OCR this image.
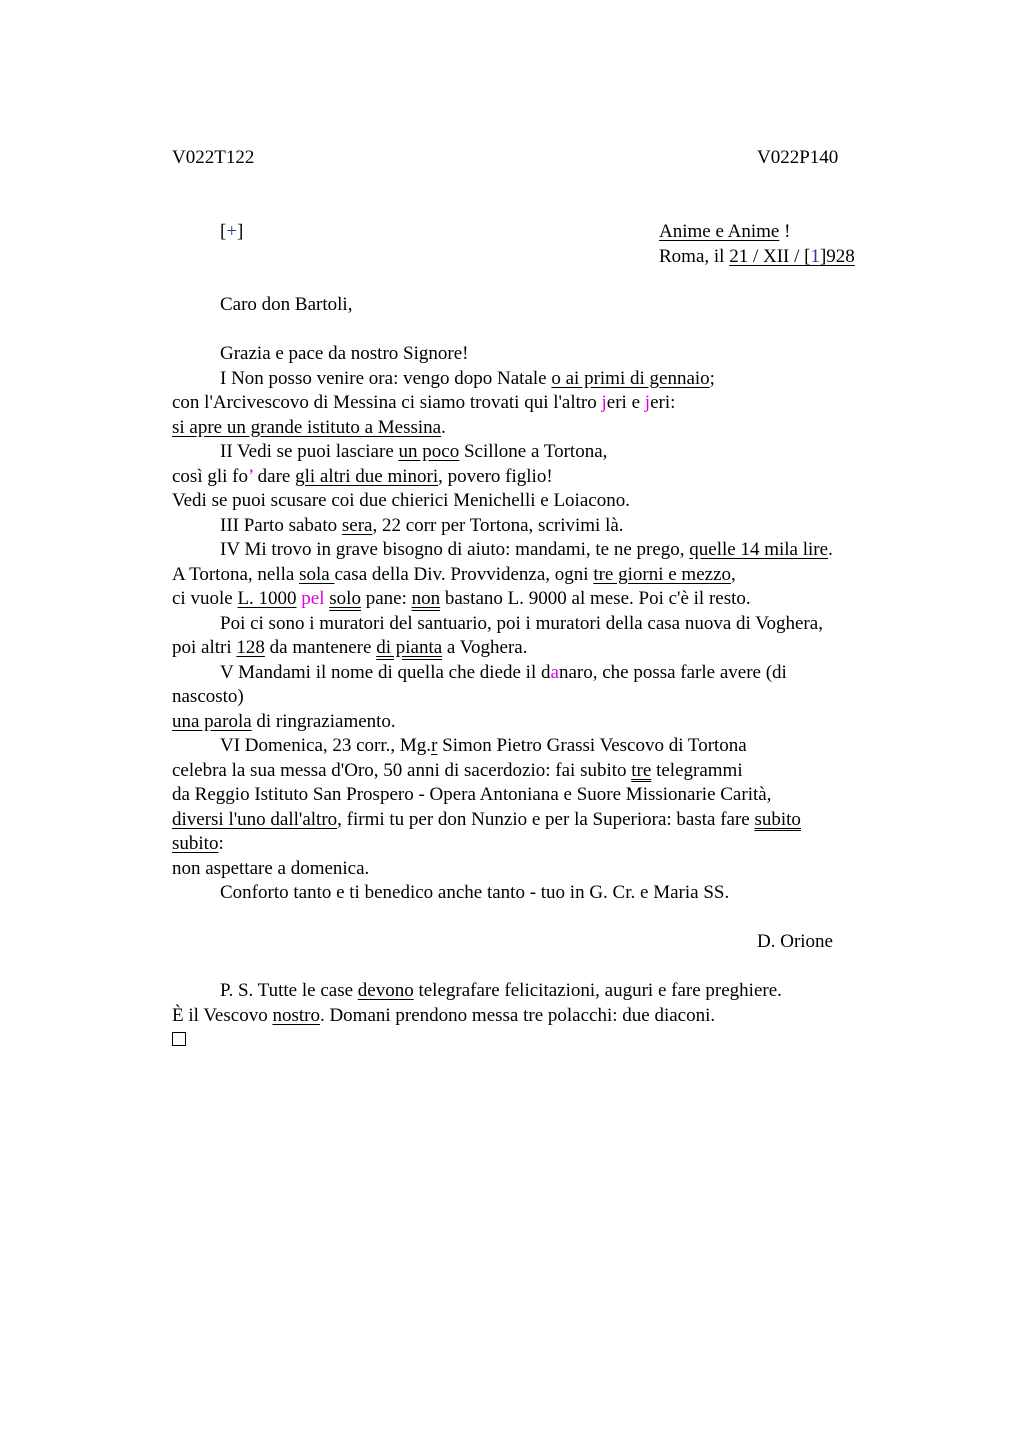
V022T122	V022P140
[+]	Anime e Anime !
Roma, il 21 / XII / [1]928
Caro don Bartoli,
Grazia e pace da nostro Signore!
I Non posso venire ora: vengo dopo Natale o ai primi di gennaio;
con l'Arcivescovo di Messina ci siamo trovati qui l'altro jeri e jeri:
si apre un grande istituto a Messina.
II Vedi se puoi lasciare un poco Scillone a Tortona,
così gli fo’ dare gli altri due minori, povero figlio!
Vedi se puoi scusare coi due chierici Menichelli e Loiacono.
III Parto sabato sera, 22 corr per Tortona, scrivimi là.
IV Mi trovo in grave bisogno di aiuto: mandami, te ne prego, quelle 14 mila lire.
A Tortona, nella sola casa della Div. Provvidenza, ogni tre giorni e mezzo,
ci vuole L. 1000 pel solo pane: non bastano L. 9000 al mese. Poi c'è il resto.
Poi ci sono i muratori del santuario, poi i muratori della casa nuova di Voghera,
poi altri 128 da mantenere di pianta a Voghera.
V Mandami il nome di quella che diede il danaro, che possa farle avere (di
nascosto)
una parola di ringraziamento.
VI Domenica, 23 corr., Mg.r Simon Pietro Grassi Vescovo di Tortona
celebra la sua messa d'Oro, 50 anni di sacerdozio: fai subito tre telegrammi
da Reggio Istituto San Prospero - Opera Antoniana e Suore Missionarie Carità,
diversi l'uno dall'altro, firmi tu per don Nunzio e per la Superiora: basta fare subito
subito:
non aspettare a domenica.
Conforto tanto e ti benedico anche tanto - tuo in G. Cr. e Maria SS.
D. Orione
P. S. Tutte le case devono telegrafare felicitazioni, auguri e fare preghiere.
È il Vescovo nostro. Domani prendono messa tre polacchi: due diaconi.
